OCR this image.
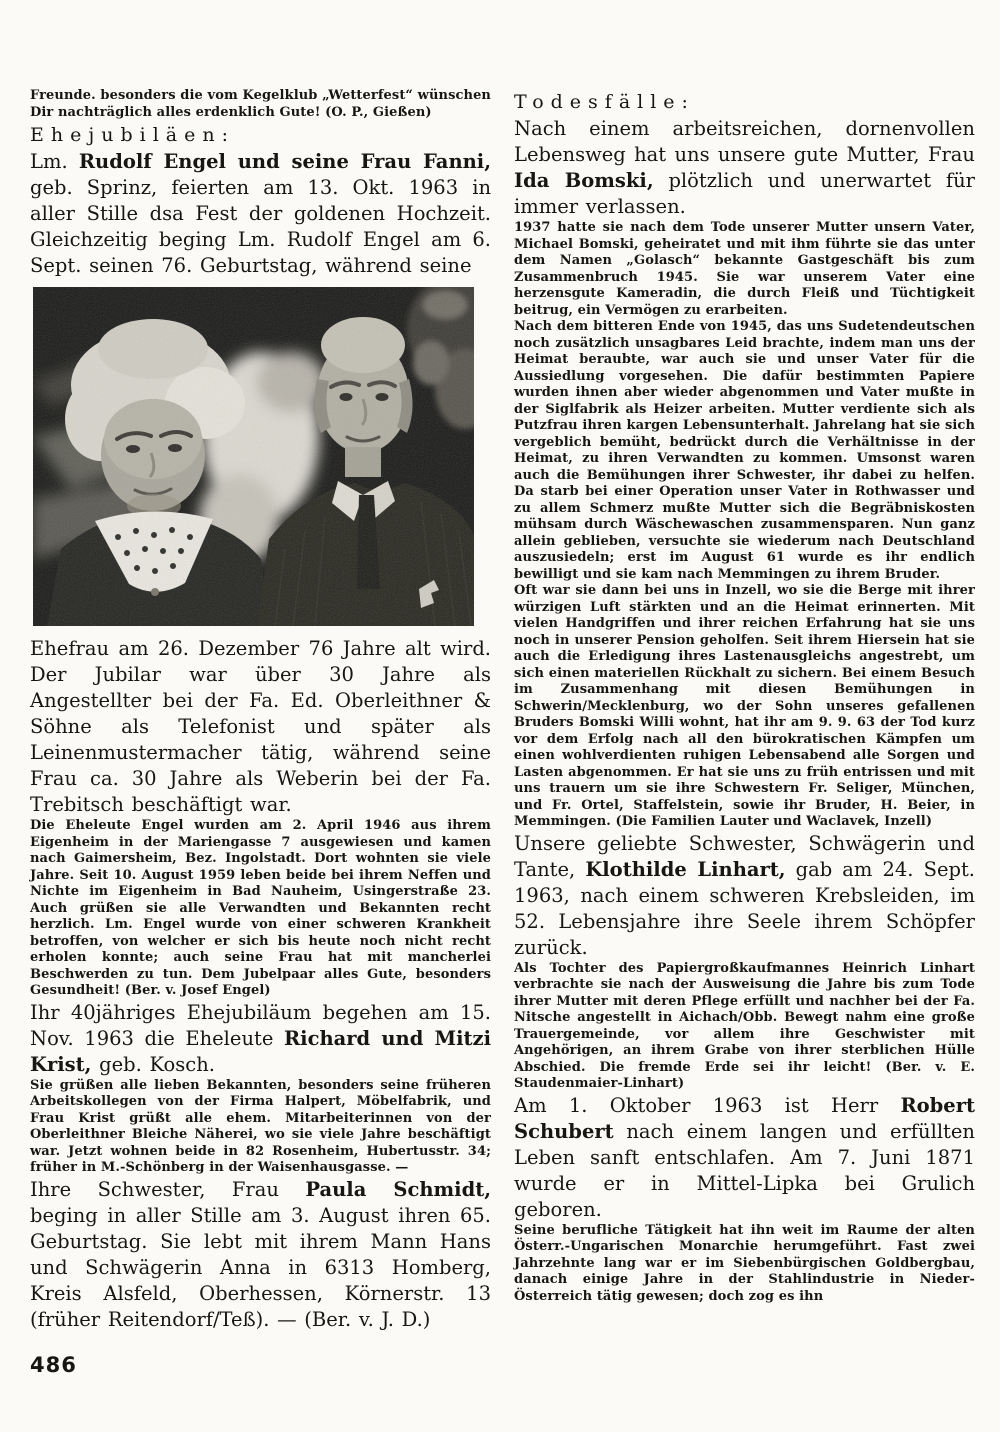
Freunde. besonders die vom Kegelklub „Wetterfest“ wünschen Dir nachträglich alles erdenklich Gute! (O. P., Gießen)

Ehejubiläen:

Lm. Rudolf Engel und seine Frau Fanni, geb. Sprinz, feierten am 13. Okt. 1963 in aller Stille dsa Fest der goldenen Hochzeit. Gleichzeitig beging Lm. Rudolf Engel am 6. Sept. seinen 76. Geburtstag, während seine

Ehefrau am 26. Dezember 76 Jahre alt wird. Der Jubilar war über 30 Jahre als Angestellter bei der Fa. Ed. Oberleithner & Söhne als Telefonist und später als Leinenmustermacher tätig, während seine Frau ca. 30 Jahre als Weberin bei der Fa. Trebitsch beschäftigt war.

Die Eheleute Engel wurden am 2. April 1946 aus ihrem Eigenheim in der Mariengasse 7 ausgewiesen und kamen nach Gaimersheim, Bez. Ingolstadt. Dort wohnten sie viele Jahre. Seit 10. August 1959 leben beide bei ihrem Neffen und Nichte im Eigenheim in Bad Nauheim, Usingerstraße 23. Auch grüßen sie alle Verwandten und Bekannten recht herzlich. Lm. Engel wurde von einer schweren Krankheit betroffen, von welcher er sich bis heute noch nicht recht erholen konnte; auch seine Frau hat mit mancherlei Beschwerden zu tun. Dem Jubelpaar alles Gute, besonders Gesundheit! (Ber. v. Josef Engel)

Ihr 40jähriges Ehejubiläum begehen am 15. Nov. 1963 die Eheleute Richard und Mitzi Krist, geb. Kosch.

Sie grüßen alle lieben Bekannten, besonders seine früheren Arbeitskollegen von der Firma Halpert, Möbelfabrik, und Frau Krist grüßt alle ehem. Mitarbeiterinnen von der Oberleithner Bleiche Näherei, wo sie viele Jahre beschäftigt war. Jetzt wohnen beide in 82 Rosenheim, Hubertusstr. 34; früher in M.-Schönberg in der Waisenhausgasse. —

Ihre Schwester, Frau Paula Schmidt, beging in aller Stille am 3. August ihren 65. Geburtstag. Sie lebt mit ihrem Mann Hans und Schwägerin Anna in 6313 Homberg, Kreis Alsfeld, Oberhessen, Körnerstr. 13 (früher Reitendorf/Teß). — (Ber. v. J. D.)

486
Todesfälle:

Nach einem arbeitsreichen, dornenvollen Lebensweg hat uns unsere gute Mutter, Frau Ida Bomski, plötzlich und unerwartet für immer verlassen.

1937 hatte sie nach dem Tode unserer Mutter unsern Vater, Michael Bomski, geheiratet und mit ihm führte sie das unter dem Namen „Golasch“ bekannte Gastgeschäft bis zum Zusammenbruch 1945. Sie war unserem Vater eine herzensgute Kameradin, die durch Fleiß und Tüchtigkeit beitrug, ein Vermögen zu erarbeiten.

Nach dem bitteren Ende von 1945, das uns Sudetendeutschen noch zusätzlich unsagbares Leid brachte, indem man uns der Heimat beraubte, war auch sie und unser Vater für die Aussiedlung vorgesehen. Die dafür bestimmten Papiere wurden ihnen aber wieder abgenommen und Vater mußte in der Siglfabrik als Heizer arbeiten. Mutter verdiente sich als Putzfrau ihren kargen Lebensunterhalt. Jahrelang hat sie sich vergeblich bemüht, bedrückt durch die Verhältnisse in der Heimat, zu ihren Verwandten zu kommen. Umsonst waren auch die Bemühungen ihrer Schwester, ihr dabei zu helfen. Da starb bei einer Operation unser Vater in Rothwasser und zu allem Schmerz mußte Mutter sich die Begräbniskosten mühsam durch Wäschewaschen zusammensparen. Nun ganz allein geblieben, versuchte sie wiederum nach Deutschland auszusiedeln; erst im August 61 wurde es ihr endlich bewilligt und sie kam nach Memmingen zu ihrem Bruder.

Oft war sie dann bei uns in Inzell, wo sie die Berge mit ihrer würzigen Luft stärkten und an die Heimat erinnerten. Mit vielen Handgriffen und ihrer reichen Erfahrung hat sie uns noch in unserer Pension geholfen. Seit ihrem Hiersein hat sie auch die Erledigung ihres Lastenausgleichs angestrebt, um sich einen materiellen Rückhalt zu sichern. Bei einem Besuch im Zusammenhang mit diesen Bemühungen in Schwerin/Mecklenburg, wo der Sohn unseres gefallenen Bruders Bomski Willi wohnt, hat ihr am 9. 9. 63 der Tod kurz vor dem Erfolg nach all den bürokratischen Kämpfen um einen wohlverdienten ruhigen Lebensabend alle Sorgen und Lasten abgenommen. Er hat sie uns zu früh entrissen und mit uns trauern um sie ihre Schwestern Fr. Seliger, München, und Fr. Ortel, Staffelstein, sowie ihr Bruder, H. Beier, in Memmingen. (Die Familien Lauter und Waclavek, Inzell)

Unsere geliebte Schwester, Schwägerin und Tante, Klothilde Linhart, gab am 24. Sept. 1963, nach einem schweren Krebsleiden, im 52. Lebensjahre ihre Seele ihrem Schöpfer zurück.

Als Tochter des Papiergroßkaufmannes Heinrich Linhart verbrachte sie nach der Ausweisung die Jahre bis zum Tode ihrer Mutter mit deren Pflege erfüllt und nachher bei der Fa. Nitsche angestellt in Aichach/Obb. Bewegt nahm eine große Trauergemeinde, vor allem ihre Geschwister mit Angehörigen, an ihrem Grabe von ihrer sterblichen Hülle Abschied. Die fremde Erde sei ihr leicht! (Ber. v. E. Staudenmaier-Linhart)

Am 1. Oktober 1963 ist Herr Robert Schubert nach einem langen und erfüllten Leben sanft entschlafen. Am 7. Juni 1871 wurde er in Mittel-Lipka bei Grulich geboren.

Seine berufliche Tätigkeit hat ihn weit im Raume der alten Österr.-Ungarischen Monarchie herumgeführt. Fast zwei Jahrzehnte lang war er im Siebenbürgischen Goldbergbau, danach einige Jahre in der Stahlindustrie in Nieder-Österreich tätig gewesen; doch zog es ihn
